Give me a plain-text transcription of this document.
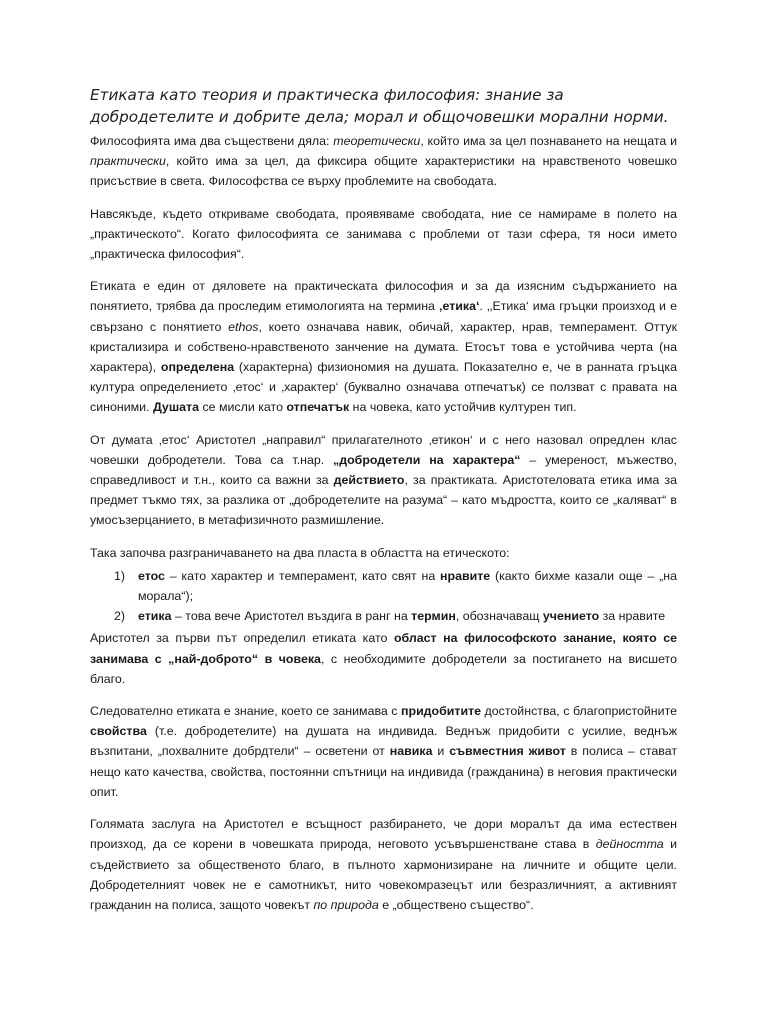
Етиката като теория и практическа философия: знание за добродетелите и добрите дела; морал и общочовешки морални норми.

Философията има два съществени дяла: теоретически, който има за цел познаването на нещата и практически, който има за цел, да фиксира общите характеристики на нравственото човешко присъствие в света. Философства се върху проблемите на свободата.

Навсякъде, където откриваме свободата, проявяваме свободата, ние се намираме в полето на „практическото“. Когато философията се занимава с проблеми от тази сфера, тя носи името „практическа философия“.

Етиката е един от дяловете на практическата философия и за да изясним съдържанието на понятието, трябва да проследим етимологията на термина ‚етика‘. ‚‚Етика‘ има гръцки произход и е свързано с понятието ethos, което означава навик, обичай, характер, нрав, темперамент. Оттук кристализира и собствено-нравственото занчение на думата. Етосът това е устойчива черта (на характера), определена (характерна) физиономия на душата. Показателно е, че в ранната гръцка култура определението ‚етос‘ и ‚характер‘ (буквално означава отпечатък) се ползват с правата на синоними. Душата се мисли като отпечатък на човека, като устойчив културен тип.

От думата ‚етос‘ Аристотел „направил“ прилагателното ‚етикон‘ и с него назовал опредлен клас човешки добродетели. Това са т.нар. „добродетели на характера“ – умереност, мъжество, справедливост и т.н., които са важни за действието, за практиката. Аристотеловата етика има за предмет тъкмо тях, за разлика от „добродетелите на разума“ – като мъдростта, които се „каляват“ в умосъзерцанието, в метафизичното размишление.

Така започва разграничаването на два пласта в областта на етическото:

1)	етос – като характер и темперамент, като свят на нравите (както бихме казали още – „на морала“);
2)	етика – това вече Аристотел въздига в ранг на термин, обозначаващ учението за нравите

Аристотел за първи път определил етиката като област на философското занание, която се занимава с „най-доброто“ в човека, с необходимите добродетели за постигането на висшето благо.

Следователно етиката е знание, което се занимава с придобитите достойнства, с благопристойните свойства (т.е. добродетелите) на душата на индивида. Веднъж придобити с усилие, веднъж възпитани, „похвалните добрдтели“ – осветени от навика и съвместния живот в полиса – стават нещо като качества, свойства, постоянни спътници на индивида (гражданина) в неговия практически опит.

Голямата заслуга на Аристотел е всъщност разбирането, че дори моралът да има естествен произход, да се корени в човешката природа, неговото усъвършенстване става в дейността и съдействието за общественото благо, в пълното хармонизиране на личните и общите цели. Добродетелният човек не е самотникът, нито човекомразецът или безразличният, а активният гражданин на полиса, защото човекът по природа е „обществено същество“.
